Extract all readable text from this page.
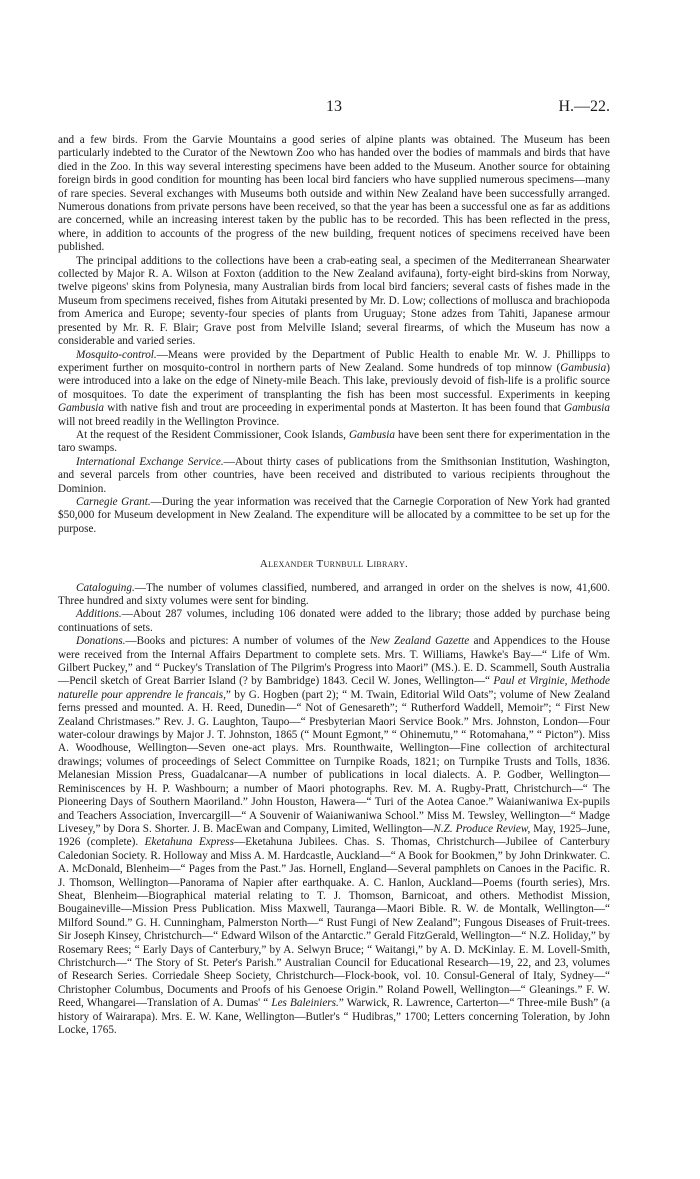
13	H.—22.

and a few birds. From the Garvie Mountains a good series of alpine plants was obtained. The Museum has been particularly indebted to the Curator of the Newtown Zoo who has handed over the bodies of mammals and birds that have died in the Zoo. In this way several interesting specimens have been added to the Museum. Another source for obtaining foreign birds in good condition for mounting has been local bird fanciers who have supplied numerous specimens—many of rare species. Several exchanges with Museums both outside and within New Zealand have been successfully arranged. Numerous donations from private persons have been received, so that the year has been a successful one as far as additions are concerned, while an increasing interest taken by the public has to be recorded. This has been reflected in the press, where, in addition to accounts of the progress of the new building, frequent notices of specimens received have been published.

The principal additions to the collections have been a crab-eating seal, a specimen of the Mediterranean Shearwater collected by Major R. A. Wilson at Foxton (addition to the New Zealand avifauna), forty-eight bird-skins from Norway, twelve pigeons' skins from Polynesia, many Australian birds from local bird fanciers; several casts of fishes made in the Museum from specimens received, fishes from Aitutaki presented by Mr. D. Low; collections of mollusca and brachiopoda from America and Europe; seventy-four species of plants from Uruguay; Stone adzes from Tahiti, Japanese armour presented by Mr. R. F. Blair; Grave post from Melville Island; several firearms, of which the Museum has now a considerable and varied series.

Mosquito-control.—Means were provided by the Department of Public Health to enable Mr. W. J. Phillipps to experiment further on mosquito-control in northern parts of New Zealand. Some hundreds of top minnow (Gambusia) were introduced into a lake on the edge of Ninety-mile Beach. This lake, previously devoid of fish-life is a prolific source of mosquitoes. To date the experiment of transplanting the fish has been most successful. Experiments in keeping Gambusia with native fish and trout are proceeding in experimental ponds at Masterton. It has been found that Gambusia will not breed readily in the Wellington Province.

At the request of the Resident Commissioner, Cook Islands, Gambusia have been sent there for experimentation in the taro swamps.

International Exchange Service.—About thirty cases of publications from the Smithsonian Institution, Washington, and several parcels from other countries, have been received and distributed to various recipients throughout the Dominion.

Carnegie Grant.—During the year information was received that the Carnegie Corporation of New York had granted $50,000 for Museum development in New Zealand. The expenditure will be allocated by a committee to be set up for the purpose.

Alexander Turnbull Library.

Cataloguing.—The number of volumes classified, numbered, and arranged in order on the shelves is now, 41,600. Three hundred and sixty volumes were sent for binding.

Additions.—About 287 volumes, including 106 donated were added to the library; those added by purchase being continuations of sets.

Donations.—Books and pictures: A number of volumes of the New Zealand Gazette and Appendices to the House were received from the Internal Affairs Department to complete sets. Mrs. T. Williams, Hawke's Bay—“ Life of Wm. Gilbert Puckey,” and “ Puckey's Translation of The Pilgrim's Progress into Maori” (MS.). E. D. Scammell, South Australia—Pencil sketch of Great Barrier Island (? by Bambridge) 1843. Cecil W. Jones, Wellington—“ Paul et Virginie, Methode naturelle pour apprendre le francais,” by G. Hogben (part 2); “ M. Twain, Editorial Wild Oats”; volume of New Zealand ferns pressed and mounted. A. H. Reed, Dunedin—“ Not of Genesareth”; “ Rutherford Waddell, Memoir”; “ First New Zealand Christmases.” Rev. J. G. Laughton, Taupo—“ Presbyterian Maori Service Book.” Mrs. Johnston, London—Four water-colour drawings by Major J. T. Johnston, 1865 (“ Mount Egmont,” “ Ohinemutu,” “ Rotomahana,” “ Picton”). Miss A. Woodhouse, Wellington—Seven one-act plays. Mrs. Rounthwaite, Wellington—Fine collection of architectural drawings; volumes of proceedings of Select Committee on Turnpike Roads, 1821; on Turnpike Trusts and Tolls, 1836. Melanesian Mission Press, Guadalcanar—A number of publications in local dialects. A. P. Godber, Wellington—Reminiscences by H. P. Washbourn; a number of Maori photographs. Rev. M. A. Rugby-Pratt, Christchurch—“ The Pioneering Days of Southern Maoriland.” John Houston, Hawera—“ Turi of the Aotea Canoe.” Waianiwaniwa Ex-pupils and Teachers Association, Invercargill—“ A Souvenir of Waianiwaniwa School.” Miss M. Tewsley, Wellington—“ Madge Livesey,” by Dora S. Shorter. J. B. MacEwan and Company, Limited, Wellington—N.Z. Produce Review, May, 1925–June, 1926 (complete). Eketahuna Express—Eketahuna Jubilees. Chas. S. Thomas, Christchurch—Jubilee of Canterbury Caledonian Society. R. Holloway and Miss A. M. Hardcastle, Auckland—“ A Book for Bookmen,” by John Drinkwater. C. A. McDonald, Blenheim—“ Pages from the Past.” Jas. Hornell, England—Several pamphlets on Canoes in the Pacific. R. J. Thomson, Wellington—Panorama of Napier after earthquake. A. C. Hanlon, Auckland—Poems (fourth series), Mrs. Sheat, Blenheim—Biographical material relating to T. J. Thomson, Barnicoat, and others. Methodist Mission, Bougaineville—Mission Press Publication. Miss Maxwell, Tauranga—Maori Bible. R. W. de Montalk, Wellington—“ Milford Sound.” G. H. Cunningham, Palmerston North—“ Rust Fungi of New Zealand”; Fungous Diseases of Fruit-trees. Sir Joseph Kinsey, Christchurch—“ Edward Wilson of the Antarctic.” Gerald FitzGerald, Wellington—“ N.Z. Holiday,” by Rosemary Rees; “ Early Days of Canterbury,” by A. Selwyn Bruce; “ Waitangi,” by A. D. McKinlay. E. M. Lovell-Smith, Christchurch—“ The Story of St. Peter's Parish.” Australian Council for Educational Research—19, 22, and 23, volumes of Research Series. Corriedale Sheep Society, Christchurch—Flock-book, vol. 10. Consul-General of Italy, Sydney—“ Christopher Columbus, Documents and Proofs of his Genoese Origin.” Roland Powell, Wellington—“ Gleanings.” F. W. Reed, Whangarei—Translation of A. Dumas' “ Les Baleiniers.” Warwick, R. Lawrence, Carterton—“ Three-mile Bush” (a history of Wairarapa). Mrs. E. W. Kane, Wellington—Butler's “ Hudibras,” 1700; Letters concerning Toleration, by John Locke, 1765.
